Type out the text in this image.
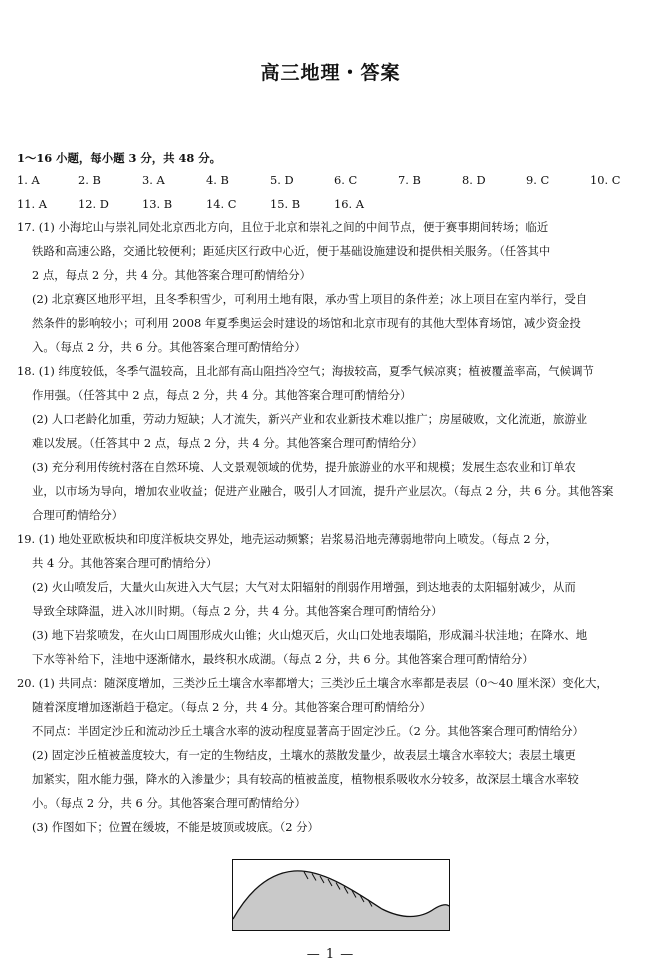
高三地理・答案
1～16 小题，每小题 3 分，共 48 分。
1. A	2. B	3. A	4. B	5. D	6. C	7. B	8. D	9. C	10. C
11. A	12. D	13. B	14. C	15. B	16. A
17. (1) 小海坨山与崇礼同处北京西北方向，且位于北京和崇礼之间的中间节点，便于赛事期间转场；临近
铁路和高速公路，交通比较便利；距延庆区行政中心近，便于基础设施建设和提供相关服务。（任答其中
2 点，每点 2 分，共 4 分。其他答案合理可酌情给分）
(2) 北京赛区地形平坦，且冬季积雪少，可利用土地有限，承办雪上项目的条件差；冰上项目在室内举行，受自
然条件的影响较小；可利用 2008 年夏季奥运会时建设的场馆和北京市现有的其他大型体育场馆，减少资金投
入。（每点 2 分，共 6 分。其他答案合理可酌情给分）
18. (1) 纬度较低，冬季气温较高，且北部有高山阻挡冷空气；海拔较高，夏季气候凉爽；植被覆盖率高，气候调节
作用强。（任答其中 2 点，每点 2 分，共 4 分。其他答案合理可酌情给分）
(2) 人口老龄化加重，劳动力短缺；人才流失，新兴产业和农业新技术难以推广；房屋破败，文化流逝，旅游业
难以发展。（任答其中 2 点，每点 2 分，共 4 分。其他答案合理可酌情给分）
(3) 充分利用传统村落在自然环境、人文景观领域的优势，提升旅游业的水平和规模；发展生态农业和订单农
业，以市场为导向，增加农业收益；促进产业融合，吸引人才回流，提升产业层次。（每点 2 分，共 6 分。其他答案
合理可酌情给分）
19. (1) 地处亚欧板块和印度洋板块交界处，地壳运动频繁；岩浆易沿地壳薄弱地带向上喷发。（每点 2 分，
共 4 分。其他答案合理可酌情给分）
(2) 火山喷发后，大量火山灰进入大气层；大气对太阳辐射的削弱作用增强，到达地表的太阳辐射减少，从而
导致全球降温，进入冰川时期。（每点 2 分，共 4 分。其他答案合理可酌情给分）
(3) 地下岩浆喷发，在火山口周围形成火山锥；火山熄灭后，火山口处地表塌陷，形成漏斗状洼地；在降水、地
下水等补给下，洼地中逐渐储水，最终积水成湖。（每点 2 分，共 6 分。其他答案合理可酌情给分）
20. (1) 共同点：随深度增加，三类沙丘土壤含水率都增大；三类沙丘土壤含水率都是表层（0～40 厘米深）变化大，
随着深度增加逐渐趋于稳定。（每点 2 分，共 4 分。其他答案合理可酌情给分）
不同点：半固定沙丘和流动沙丘土壤含水率的波动程度显著高于固定沙丘。（2 分。其他答案合理可酌情给分）
(2) 固定沙丘植被盖度较大，有一定的生物结皮，土壤水的蒸散发量少，故表层土壤含水率较大；表层土壤更
加紧实，阻水能力强，降水的入渗量少；具有较高的植被盖度，植物根系吸收水分较多，故深层土壤含水率较
小。（每点 2 分，共 6 分。其他答案合理可酌情给分）
(3) 作图如下；位置在缓坡，不能是坡顶或坡底。（2 分）
— 1 —
